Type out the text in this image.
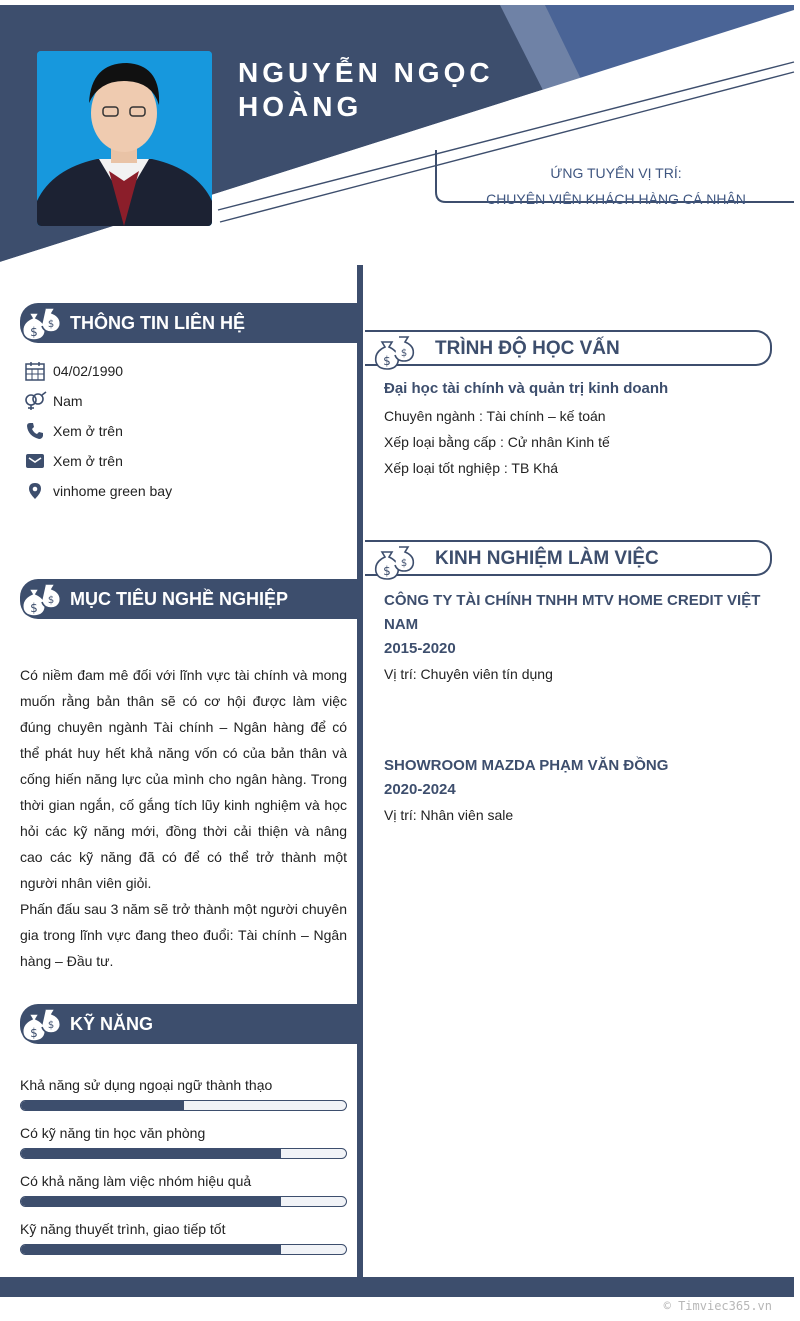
NGUYỄN NGỌC
HOÀNG
ỨNG TUYỂN VỊ TRÍ:
CHUYÊN VIÊN KHÁCH HÀNG CÁ NHÂN
$
$ THÔNG TIN LIÊN HỆ
04/02/1990
Nam
Xem ở trên
Xem ở trên
vinhome green bay
$
$ MỤC TIÊU NGHỀ NGHIỆP

Có niềm đam mê đối với lĩnh vực tài chính và mong muốn rằng bản thân sẽ có cơ hội được làm việc đúng chuyên ngành Tài chính – Ngân hàng để có thể phát huy hết khả năng vốn có của bản thân và cống hiến năng lực của mình cho ngân hàng. Trong thời gian ngắn, cố gắng tích lũy kinh nghiệm và học hỏi các kỹ năng mới, đồng thời cải thiện và nâng cao các kỹ năng đã có để có thể trở thành một người nhân viên giỏi.

Phấn đấu sau 3 năm sẽ trở thành một người chuyên gia trong lĩnh vực đang theo đuổi: Tài chính – Ngân hàng – Đầu tư.

$
$ KỸ NĂNG
Khả năng sử dụng ngoại ngữ thành thạo
Có kỹ năng tin học văn phòng
Có khả năng làm việc nhóm hiệu quả
Kỹ năng thuyết trình, giao tiếp tốt
$
$ TRÌNH ĐỘ HỌC VẤN
Đại học tài chính và quản trị kinh doanh
Chuyên ngành : Tài chính – kế toán
Xếp loại bằng cấp : Cử nhân Kinh tế
Xếp loại tốt nghiệp : TB Khá
$
$ KINH NGHIỆM LÀM VIỆC
CÔNG TY TÀI CHÍNH TNHH MTV HOME CREDIT VIỆT NAM
2015-2020
Vị trí: Chuyên viên tín dụng
SHOWROOM MAZDA PHẠM VĂN ĐỒNG
2020-2024
Vị trí: Nhân viên sale
© Timviec365.vn
